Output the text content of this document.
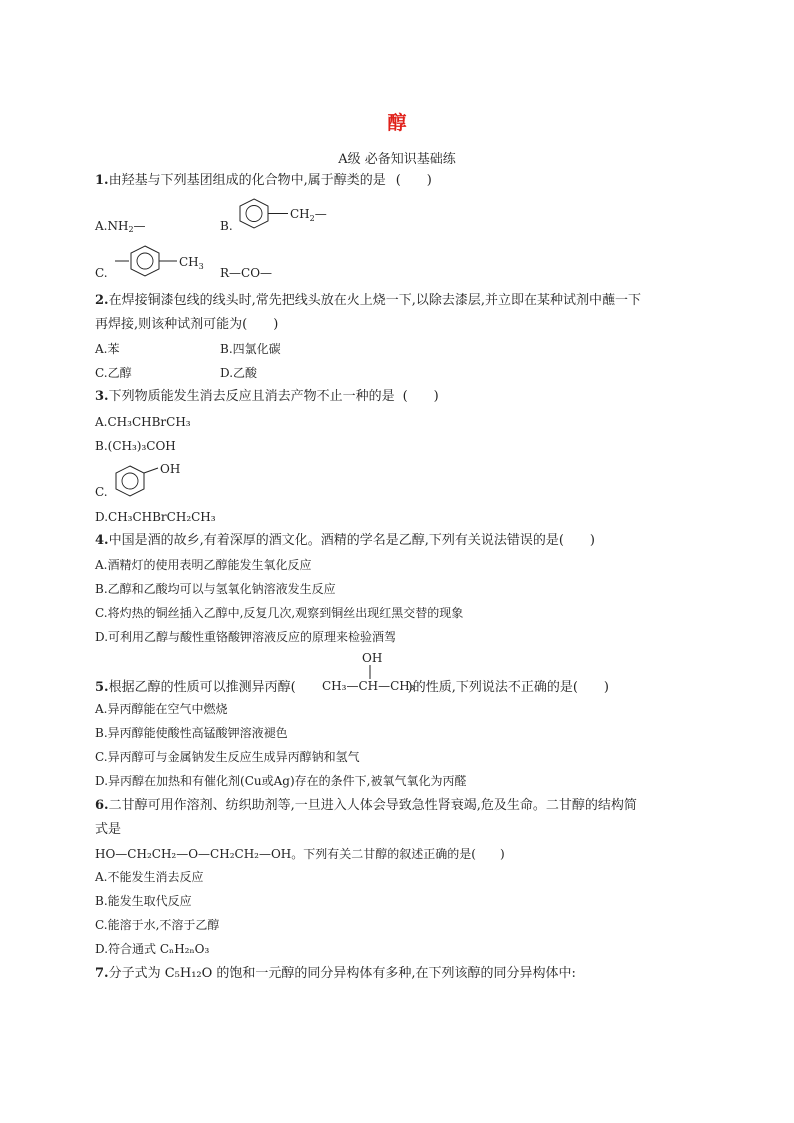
醇
A级 必备知识基础练
1.由羟基与下列基团组成的化合物中,属于醇类的是 (　　)
$A.NH_2—$	B.
$CH_2—$
C.
$CH_3$ R—CO—
2.在焊接铜漆包线的线头时,常先把线头放在火上烧一下,以除去漆层,并立即在某种试剂中蘸一下
再焊接,则该种试剂可能为(　　)
A.苯	B.四氯化碳
C.乙醇	D.乙酸
3.下列物质能发生消去反应且消去产物不止一种的是 (　　)
A.CH₃CHBrCH₃
B.(CH₃)₃COH
C.
OH
D.CH₃CHBrCH₂CH₃
4.中国是酒的故乡,有着深厚的酒文化。酒精的学名是乙醇,下列有关说法错误的是(　　)
A.酒精灯的使用表明乙醇能发生氧化反应
B.乙醇和乙酸均可以与氢氧化钠溶液发生反应
C.将灼热的铜丝插入乙醇中,反复几次,观察到铜丝出现红黑交替的现象
D.可利用乙醇与酸性重铬酸钾溶液反应的原理来检验酒驾
5.根据乙醇的性质可以推测异丙醇(	)的性质,下列说法不正确的是(　　)
OH
CH₃—CH—CH₃
A.异丙醇能在空气中燃烧
B.异丙醇能使酸性高锰酸钾溶液褪色
C.异丙醇可与金属钠发生反应生成异丙醇钠和氢气
D.异丙醇在加热和有催化剂(Cu或Ag)存在的条件下,被氧气氧化为丙醛
6.二甘醇可用作溶剂、纺织助剂等,一旦进入人体会导致急性肾衰竭,危及生命。二甘醇的结构简
式是
HO—CH₂CH₂—O—CH₂CH₂—OH。下列有关二甘醇的叙述正确的是(　　)
A.不能发生消去反应
B.能发生取代反应
C.能溶于水,不溶于乙醇
D.符合通式 CₙH₂ₙO₃
7.分子式为 C₅H₁₂O 的饱和一元醇的同分异构体有多种,在下列该醇的同分异构体中:
